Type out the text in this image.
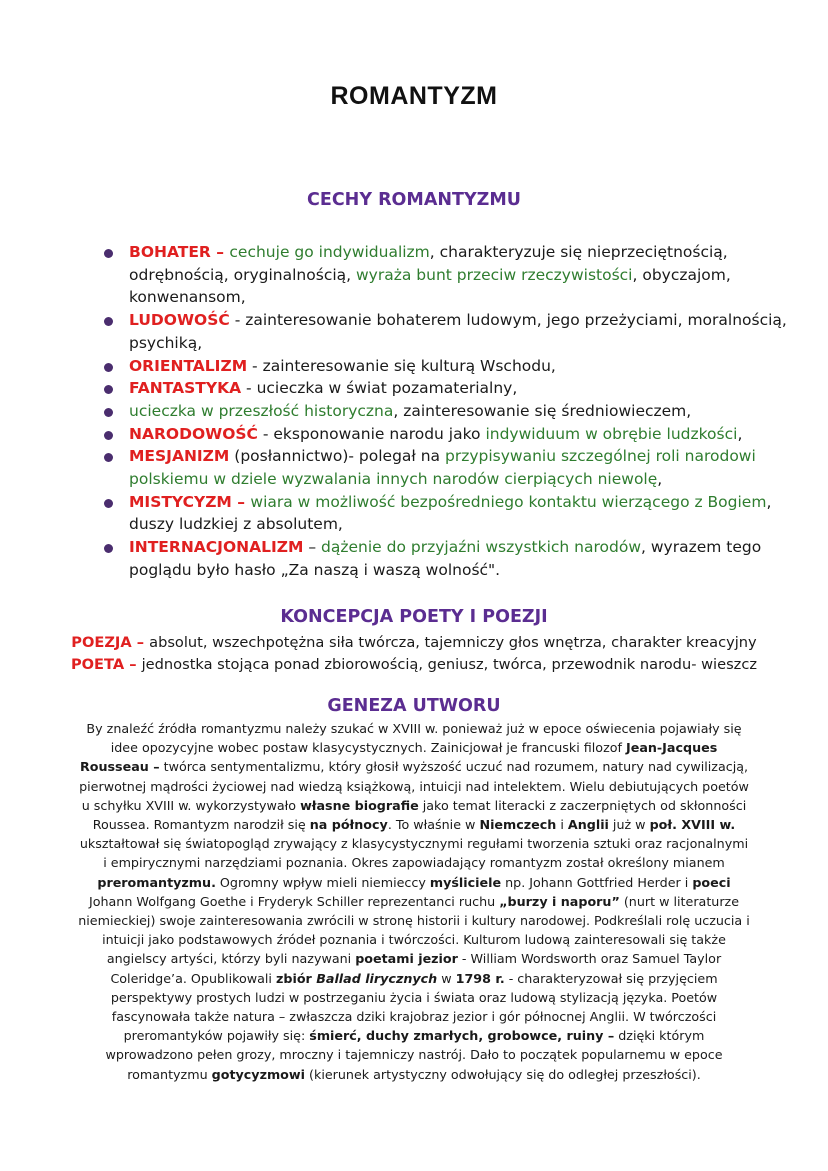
ROMANTYZM
CECHY ROMANTYZMU
BOHATER – cechuje go indywidualizm, charakteryzuje się nieprzeciętnością, odrębnością, oryginalnością, wyraża bunt przeciw rzeczywistości, obyczajom, konwenansom,
LUDOWOŚĆ - zainteresowanie bohaterem ludowym, jego przeżyciami, moralnością, psychiką,
ORIENTALIZM - zainteresowanie się kulturą Wschodu,
FANTASTYKA - ucieczka w świat pozamaterialny,
ucieczka w przeszłość historyczna, zainteresowanie się średniowieczem,
NARODOWOŚĆ - eksponowanie narodu jako indywiduum w obrębie ludzkości,
MESJANIZM (posłannictwo)- polegał na przypisywaniu szczególnej roli narodowi polskiemu w dziele wyzwalania innych narodów cierpiących niewolę,
MISTYCYZM – wiara w możliwość bezpośredniego kontaktu wierzącego z Bogiem, duszy ludzkiej z absolutem,
INTERNACJONALIZM – dążenie do przyjaźni wszystkich narodów, wyrazem tego poglądu było hasło „Za naszą i waszą wolność".
KONCEPCJA POETY I POEZJI
POEZJA – absolut, wszechpotężna siła twórcza, tajemniczy głos wnętrza, charakter kreacyjny
POETA – jednostka stojąca ponad zbiorowością, geniusz, twórca, przewodnik narodu- wieszcz
GENEZA UTWORU
By znaleźć źródła romantyzmu należy szukać w XVIII w. ponieważ już w epoce oświecenia pojawiały się idee opozycyjne wobec postaw klasycystycznych. Zainicjował je francuski filozof Jean-Jacques Rousseau – twórca sentymentalizmu, który głosił wyższość uczuć nad rozumem, natury nad cywilizacją, pierwotnej mądrości życiowej nad wiedzą książkową, intuicji nad intelektem. Wielu debiutujących poetów u schyłku XVIII w. wykorzystywało własne biografie jako temat literacki z zaczerpniętych od skłonności Roussea. Romantyzm narodził się na północy. To właśnie w Niemczech i Anglii już w poł. XVIII w. ukształtował się światopogląd zrywający z klasycystycznymi regułami tworzenia sztuki oraz racjonalnymi i empirycznymi narzędziami poznania. Okres zapowiadający romantyzm został określony mianem preromantyzmu. Ogromny wpływ mieli niemieccy myśliciele np. Johann Gottfried Herder i poeci Johann Wolfgang Goethe i Fryderyk Schiller reprezentanci ruchu „burzy i naporu” (nurt w literaturze niemieckiej) swoje zainteresowania zwrócili w stronę historii i kultury narodowej. Podkreślali rolę uczucia i intuicji jako podstawowych źródeł poznania i twórczości. Kulturom ludową zainteresowali się także angielscy artyści, którzy byli nazywani poetami jezior - William Wordsworth oraz Samuel Taylor Coleridge’a. Opublikowali zbiór Ballad lirycznych w 1798 r. - charakteryzował się przyjęciem perspektywy prostych ludzi w postrzeganiu życia i świata oraz ludową stylizacją języka. Poetów fascynowała także natura – zwłaszcza dziki krajobraz jezior i gór północnej Anglii. W twórczości preromantyków pojawiły się: śmierć, duchy zmarłych, grobowce, ruiny – dzięki którym wprowadzono pełen grozy, mroczny i tajemniczy nastrój. Dało to początek popularnemu w epoce romantyzmu gotycyzmowi (kierunek artystyczny odwołujący się do odległej przeszłości).
